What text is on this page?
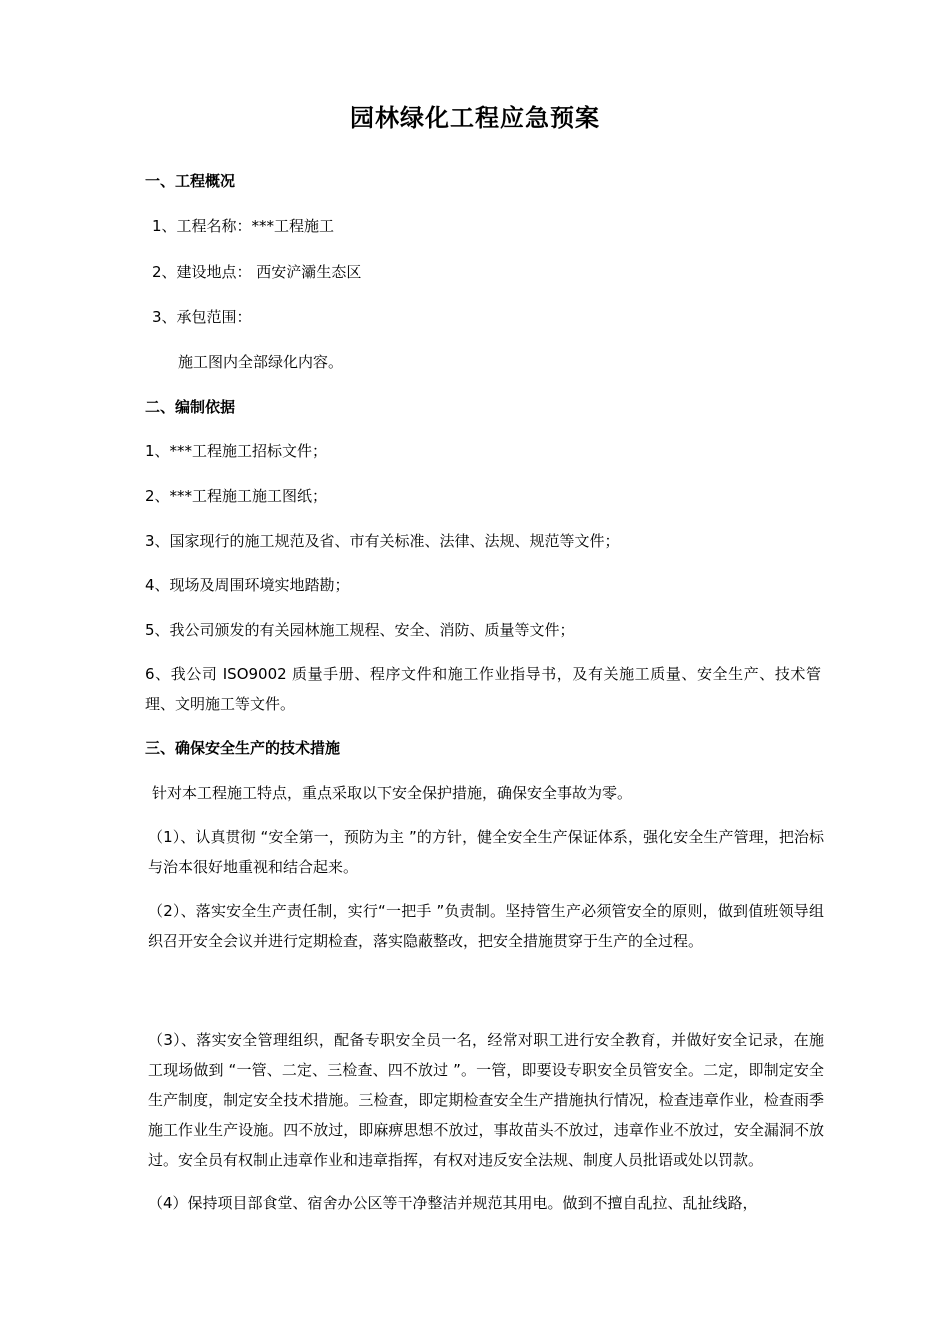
园林绿化工程应急预案
一、工程概况
1、工程名称：***工程施工
2、建设地点： 西安浐灞生态区
3、承包范围：
施工图内全部绿化内容。
二、编制依据
1、***工程施工招标文件；
2、***工程施工施工图纸；
3、国家现行的施工规范及省、市有关标准、法律、法规、规范等文件；
4、现场及周围环境实地踏勘；
5、我公司颁发的有关园林施工规程、安全、消防、质量等文件；
6、我公司 ISO9002 质量手册、程序文件和施工作业指导书，及有关施工质量、安全生产、技术管理、文明施工等文件。
三、确保安全生产的技术措施
针对本工程施工特点，重点采取以下安全保护措施，确保安全事故为零。
（1）、认真贯彻 “安全第一，预防为主 ”的方针，健全安全生产保证体系，强化安全生产管理，把治标与治本很好地重视和结合起来。
（2）、落实安全生产责任制，实行“一把手 ”负责制。坚持管生产必须管安全的原则，做到值班领导组织召开安全会议并进行定期检查，落实隐蔽整改，把安全措施贯穿于生产的全过程。
（3）、落实安全管理组织，配备专职安全员一名，经常对职工进行安全教育，并做好安全记录，在施工现场做到 “一管、二定、三检查、四不放过 ”。一管，即要设专职安全员管安全。二定，即制定安全生产制度，制定安全技术措施。三检查，即定期检查安全生产措施执行情况，检查违章作业，检查雨季施工作业生产设施。四不放过，即麻痹思想不放过，事故苗头不放过，违章作业不放过，安全漏洞不放过。安全员有权制止违章作业和违章指挥，有权对违反安全法规、制度人员批语或处以罚款。
（4）保持项目部食堂、宿舍办公区等干净整洁并规范其用电。做到不擅自乱拉、乱扯线路，
